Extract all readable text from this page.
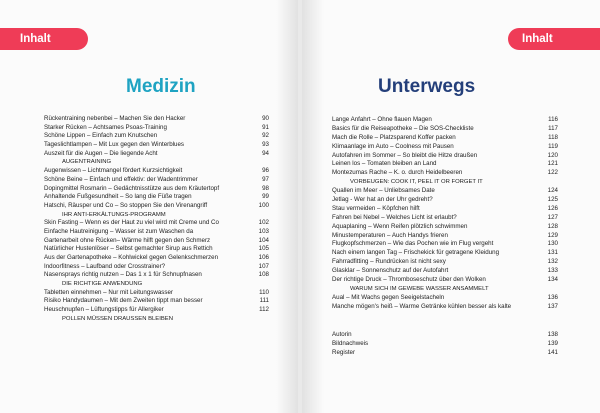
Inhalt
Medizin
Rückentraining nebenbei – Machen Sie den Hacker	90
Starker Rücken – Achtsames Psoas-Training	91
Schöne Lippen – Einfach zum Knutschen	92
Tageslichtlampen – Mit Lux gegen den Winterblues	93
Auszeit für die Augen – Die liegende Acht	94
AUGENTRAINING
Augenwissen – Lichtmangel fördert Kurzsichtigkeit	96
Schöne Beine – Einfach und effektiv: der Wadentrimmer	97
Dopingmittel Rosmarin – Gedächtnisstütze aus dem Kräutertopf	98
Anhaltende Fußgesundheit – So lang die Füße tragen	99
Hatschi, Räusper und Co – So stoppen Sie den Virenangriff	100
IHR ANTI-ERKÄLTUNGS-PROGRAMM
Skin Fasting – Wenn es der Haut zu viel wird mit Creme und Co	102
Einfache Hautreinigung – Wasser ist zum Waschen da	103
Gartenarbeit ohne Rücken– Wärme hilft gegen den Schmerz	104
Natürlicher Hustenlöser – Selbst gemachter Sirup aus Rettich	105
Aus der Gartenapotheke – Kohlwickel gegen Gelenkschmerzen	106
Indoorfitness – Laufband oder Crosstrainer?	107
Nasensprays richtig nutzen – Das 1 x 1 für Schnupfnasen	108
DIE RICHTIGE ANWENDUNG
Tabletten einnehmen – Nur mit Leitungswasser	110
Risiko Handydaumen – Mit dem Zweiten tippt man besser	111
Heuschnupfen – Lüftungstipps für Allergiker	112
POLLEN MÜSSEN DRAUSSEN BLEIBEN
Inhalt
Unterwegs
Lange Anfahrt – Ohne flauen Magen	116
Basics für die Reiseapotheke – Die SOS-Checkliste	117
Mach die Rolle – Platzsparend Koffer packen	118
Klimaanlage im Auto – Coolness mit Pausen	119
Autofahren im Sommer – So bleibt die Hitze draußen	120
Leinen los – Tomaten bleiben an Land	121
Montezumas Rache – K. o. durch Heidelbeeren	122
VORBEUGEN: COOK IT, PEEL IT OR FORGET IT
Quallen im Meer – Unliebsames Date	124
Jetlag - Wer hat an der Uhr gedreht?	125
Stau vermeiden – Köpfchen hilft	126
Fahren bei Nebel – Welches Licht ist erlaubt?	127
Aquaplaning – Wenn Reifen plötzlich schwimmen	128
Minustemperaturen – Auch Handys frieren	129
Flugkopfschmerzen – Wie das Pochen wie im Flug vergeht	130
Nach einem langen Tag – Frischekick für getragene Kleidung	131
Fahrradfitting – Rundrücken ist nicht sexy	132
Glasklar – Sonnenschutz auf der Autofahrt	133
Der richtige Druck – Thromboseschutz über den Wolken	134
WARUM SICH IM GEWEBE WASSER ANSAMMELT
Aual – Mit Wachs gegen Seeigelstacheln	136
Manche mögen's heiß – Warme Getränke kühlen besser als kalte	137
Autorin	138
Bildnachweis	139
Register	141
